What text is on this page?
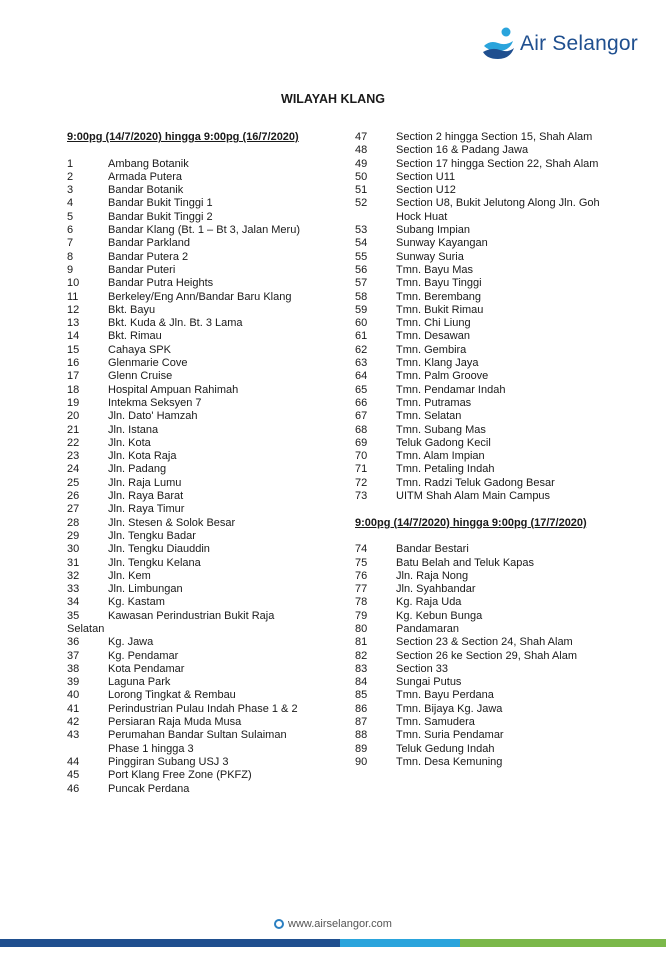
Air Selangor
WILAYAH KLANG
9:00pg (14/7/2020) hingga 9:00pg (16/7/2020)
1	Ambang Botanik
2	Armada Putera
3	Bandar Botanik
4	Bandar Bukit Tinggi 1
5	Bandar Bukit Tinggi 2
6	Bandar Klang (Bt. 1 – Bt 3, Jalan Meru)
7	Bandar Parkland
8	Bandar Putera 2
9	Bandar Puteri
10	Bandar Putra Heights
11	Berkeley/Eng Ann/Bandar Baru Klang
12	Bkt. Bayu
13	Bkt. Kuda & Jln. Bt. 3 Lama
14	Bkt. Rimau
15	Cahaya SPK
16	Glenmarie Cove
17	Glenn Cruise
18	Hospital Ampuan Rahimah
19	Intekma Seksyen 7
20	Jln. Dato' Hamzah
21	Jln. Istana
22	Jln. Kota
23	Jln. Kota Raja
24	Jln. Padang
25	Jln. Raja Lumu
26	Jln. Raya Barat
27	Jln. Raya Timur
28	Jln. Stesen & Solok Besar
29	Jln. Tengku Badar
30	Jln. Tengku Diauddin
31	Jln. Tengku Kelana
32	Jln. Kem
33	Jln. Limbungan
34	Kg. Kastam
35	Kawasan Perindustrian Bukit Raja
Selatan
36	Kg. Jawa
37	Kg. Pendamar
38	Kota Pendamar
39	Laguna Park
40	Lorong Tingkat & Rembau
41	Perindustrian Pulau Indah Phase 1 & 2
42	Persiaran Raja Muda Musa
43	Perumahan Bandar Sultan Sulaiman
Phase 1 hingga 3
44	Pinggiran Subang USJ 3
45	Port Klang Free Zone (PKFZ)
46	Puncak Perdana
47	Section 2 hingga Section 15, Shah Alam
48	Section 16 & Padang Jawa
49	Section 17 hingga Section 22, Shah Alam
50	Section U11
51	Section U12
52	Section U8, Bukit Jelutong Along Jln. Goh
Hock Huat
53	Subang Impian
54	Sunway Kayangan
55	Sunway Suria
56	Tmn. Bayu Mas
57	Tmn. Bayu Tinggi
58	Tmn. Berembang
59	Tmn. Bukit Rimau
60	Tmn. Chi Liung
61	Tmn. Desawan
62	Tmn. Gembira
63	Tmn. Klang Jaya
64	Tmn. Palm Groove
65	Tmn. Pendamar Indah
66	Tmn. Putramas
67	Tmn. Selatan
68	Tmn. Subang Mas
69	Teluk Gadong Kecil
70	Tmn. Alam Impian
71	Tmn. Petaling Indah
72	Tmn. Radzi Teluk Gadong Besar
73	UITM Shah Alam Main Campus
9:00pg (14/7/2020) hingga 9:00pg (17/7/2020)
74	Bandar Bestari
75	Batu Belah and Teluk Kapas
76	Jln. Raja Nong
77	Jln. Syahbandar
78	Kg. Raja Uda
79	Kg. Kebun Bunga
80	Pandamaran
81	Section 23 & Section 24, Shah Alam
82	Section 26 ke Section 29, Shah Alam
83	Section 33
84	Sungai Putus
85	Tmn. Bayu Perdana
86	Tmn. Bijaya Kg. Jawa
87	Tmn. Samudera
88	Tmn. Suria Pendamar
89	Teluk Gedung Indah
90	Tmn. Desa Kemuning
www.airselangor.com
